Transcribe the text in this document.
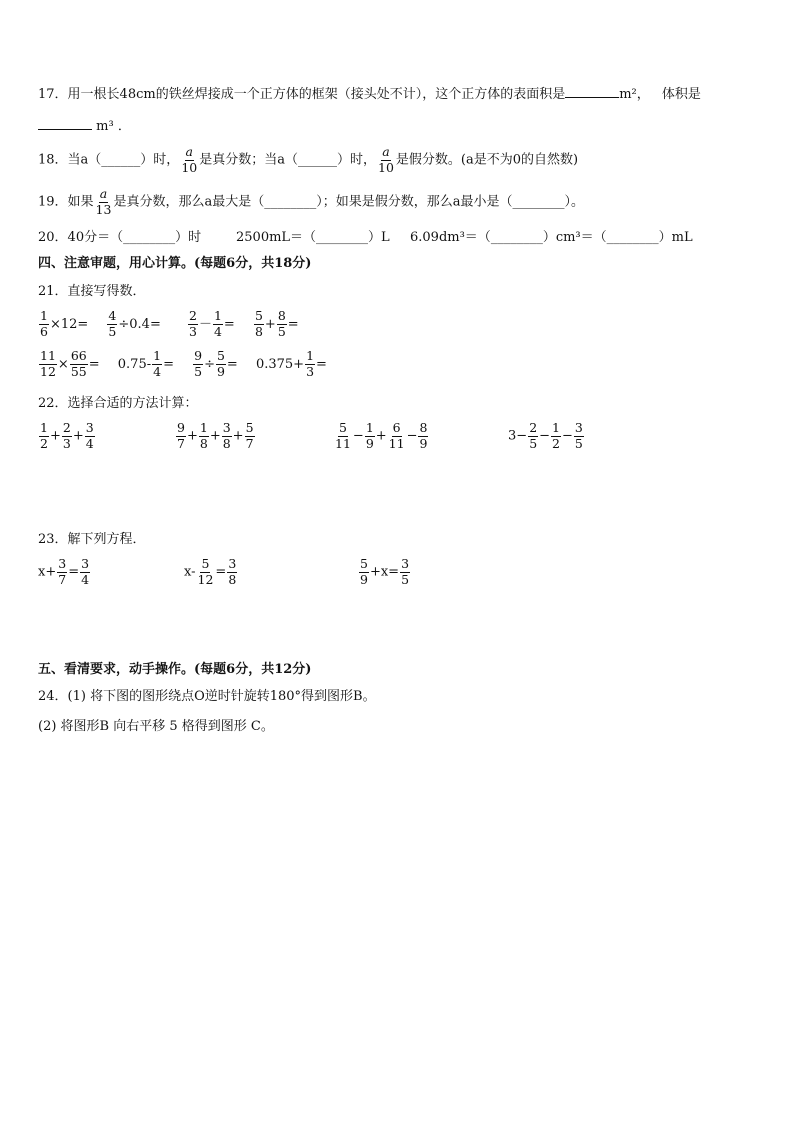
17．用一根长48cm的铁丝焊接成一个正方体的框架（接头处不计），这个正方体的表面积是	m²， 体积是
m³ ．
18．当a（______）时， $\frac{a}{10}$ 是真分数；当a（______）时， $\frac{a}{10}$ 是假分数。(a是不为0的自然数)
19．如果 $\frac{a}{13}$ 是真分数，那么a最大是（________）；如果是假分数，那么a最小是（________）。
20．40分＝（________）时	2500mL＝（________）L 6.09dm³＝（________）cm³＝（________）mL
四、注意审题，用心计算。(每题6分，共18分)
21．直接写得数．
$\frac{1}{6} \times 12= \frac{4}{5} \div 0.4= \frac{2}{3} - \frac{1}{4} = \frac{5}{8} + \frac{8}{5}$ =
$\frac{11}{12} \times \frac{66}{55} = 0.75- \frac{1}{4} = \frac{9}{5} \div \frac{5}{9} = 0.375+ \frac{1}{3}$ =
22．选择合适的方法计算：
$\frac{1}{2} + \frac{2}{3} + \frac{3}{4}$	$\frac{9}{7} + \frac{1}{8} + \frac{3}{8} + \frac{5}{7}$	$\frac{5}{11} - \frac{1}{9} + \frac{6}{11} - \frac{8}{9}$	$3- \frac{2}{5} - \frac{1}{2} - \frac{3}{5}$
23．解下列方程．
$x+ \frac{3}{7} = \frac{3}{4}$	$x- \frac{5}{12} = \frac{3}{8}$	$\frac{5}{9} +x= \frac{3}{5}$
五、看清要求，动手操作。(每题6分，共12分)
24．(1) 将下图的图形绕点O逆时针旋转180°得到图形B。
(2) 将图形B 向右平移 5 格得到图形 C。
